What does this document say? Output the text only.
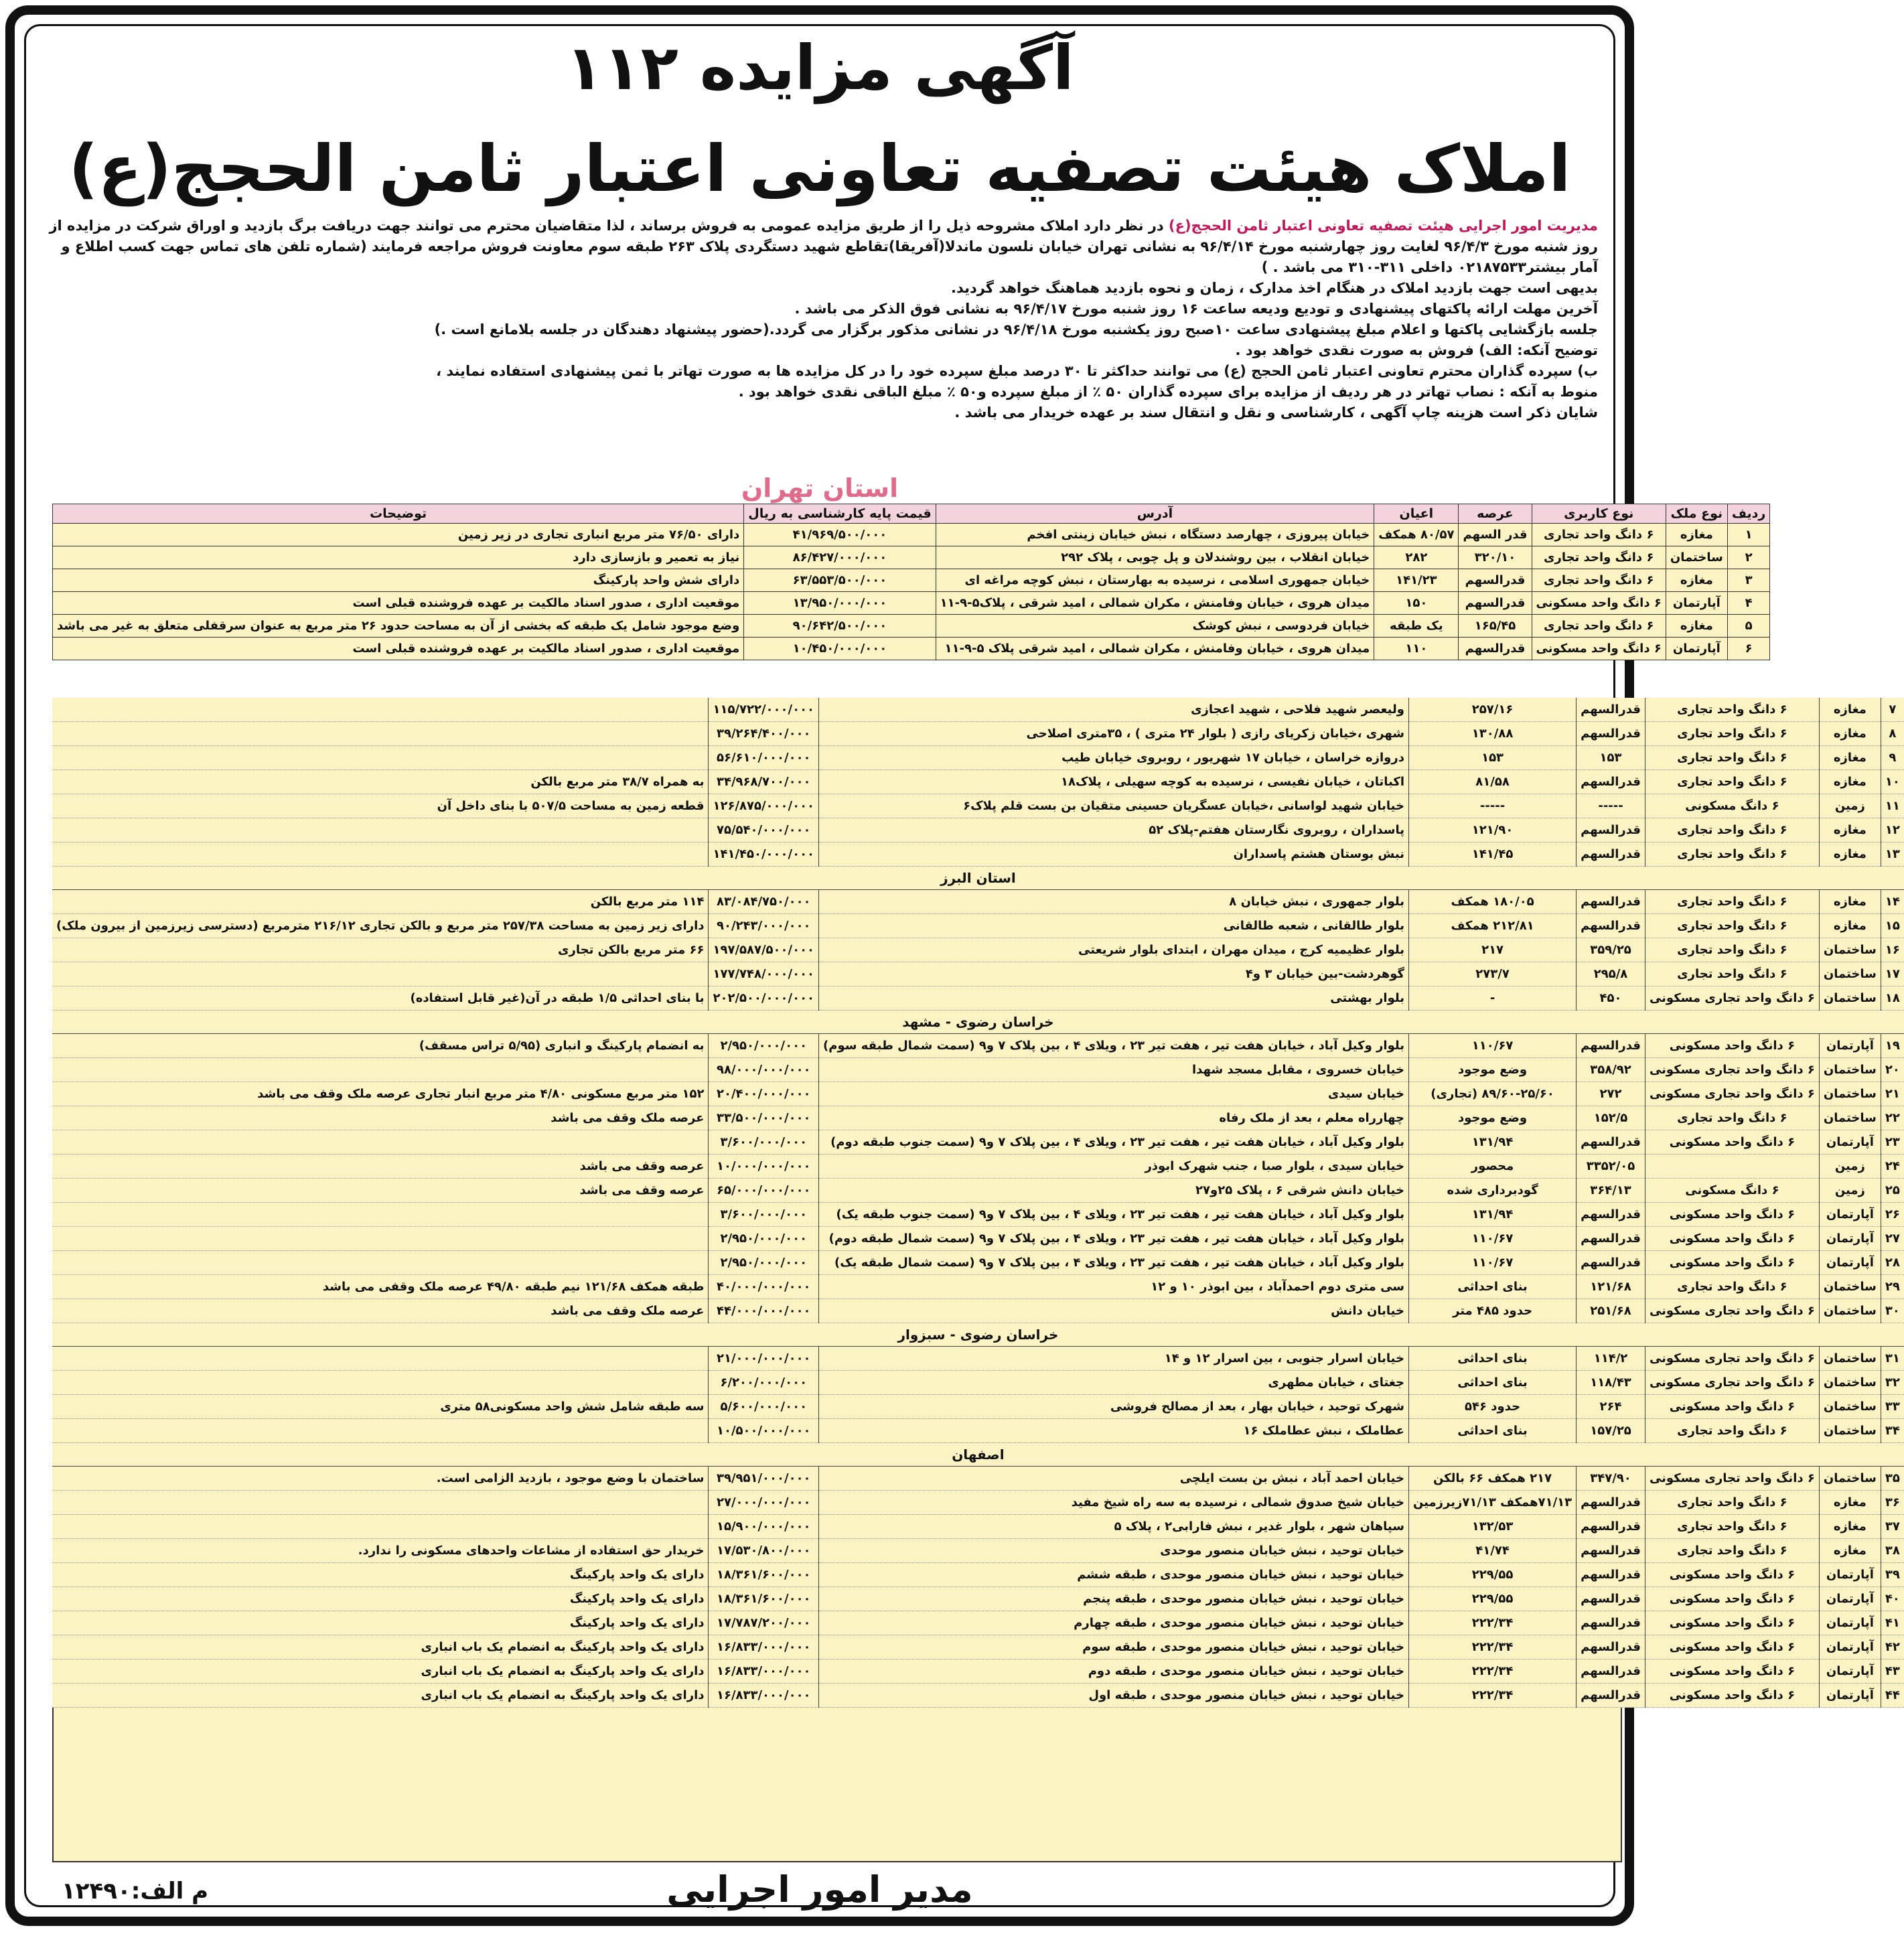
آگهی مزایده ۱۱۲
املاک هیئت تصفیه تعاونی اعتبار ثامن الحجج(ع)

مدیریت امور اجرایی هیئت تصفیه تعاونی اعتبار ثامن الحجج(ع) در نظر دارد املاک مشروحه ذیل را از طریق مزایده عمومی به فروش برساند ، لذا متقاضیان محترم می توانند جهت دریافت برگ بازدید و اوراق شرکت در مزایده از روز شنبه مورخ ۹۶/۴/۳ لغایت روز چهارشنبه مورخ ۹۶/۴/۱۴ به نشانی تهران خیابان نلسون ماندلا(آفریقا)تقاطع شهید دستگردی پلاک ۲۶۳ طبقه سوم معاونت فروش مراجعه فرمایند (شماره تلفن های تماس جهت کسب اطلاع و آمار بیشتر۰۲۱۸۷۵۳۳ داخلی ۳۱۱-۳۱۰ می باشد . )

بدیهی است جهت بازدید املاک در هنگام اخذ مدارک ، زمان و نحوه بازدید هماهنگ خواهد گردید.

آخرین مهلت ارائه پاکتهای پیشنهادی و تودیع ودیعه ساعت ۱۶ روز شنبه مورخ ۹۶/۴/۱۷ به نشانی فوق الذکر می باشد .

جلسه بازگشایی پاکتها و اعلام مبلغ پیشنهادی ساعت ۱۰صبح روز یکشنبه مورخ ۹۶/۴/۱۸ در نشانی مذکور برگزار می گردد.(حضور پیشنهاد دهندگان در جلسه بلامانع است .)

توضیح آنکه: الف) فروش به صورت نقدی خواهد بود .

ب) سپرده گذاران محترم تعاونی اعتبار ثامن الحجج (ع) می توانند حداکثر تا ۳۰ درصد مبلغ سپرده خود را در کل مزایده ها به صورت تهاتر با ثمن پیشنهادی استفاده نمایند ،

منوط به آنکه : نصاب تهاتر در هر ردیف از مزایده برای سپرده گذاران ۵۰ ٪ از مبلغ سپرده و۵۰ ٪ مبلغ الباقی نقدی خواهد بود .

شایان ذکر است هزینه چاپ آگهی ، کارشناسی و نقل و انتقال سند بر عهده خریدار می باشد .

استان تهران
ردیف	نوع ملک	نوع کاربری	عرصه	اعیان	آدرس	قیمت پایه کارشناسی به ریال	توضیحات
۱	مغازه	۶ دانگ واحد تجاری	قدر السهم	۸۰/۵۷ همکف	خیابان پیروزی ، چهارصد دستگاه ، نبش خیابان زینتی افخم	۴۱/۹۶۹/۵۰۰/۰۰۰	دارای ۷۶/۵۰ متر مربع انباری تجاری در زیر زمین
۲	ساختمان	۶ دانگ واحد تجاری	۳۲۰/۱۰	۲۸۲	خیابان انقلاب ، بین روشندلان و پل چوبی ، پلاک ۲۹۲	۸۶/۴۲۷/۰۰۰/۰۰۰	نیاز به تعمیر و بازسازی دارد
۳	مغازه	۶ دانگ واحد تجاری	قدرالسهم	۱۴۱/۲۳	خیابان جمهوری اسلامی ، نرسیده به بهارستان ، نبش کوچه مراغه ای	۶۳/۵۵۳/۵۰۰/۰۰۰	دارای شش واحد پارکینگ
۴	آپارتمان	۶ دانگ واحد مسکونی	قدرالسهم	۱۵۰	میدان هروی ، خیابان وفامنش ، مکران شمالی ، امید شرقی ، پلاک۵-۹-۱۱	۱۳/۹۵۰/۰۰۰/۰۰۰	موقعیت اداری ، صدور اسناد مالکیت بر عهده فروشنده قبلی است
۵	مغازه	۶ دانگ واحد تجاری	۱۶۵/۴۵	یک طبقه	خیابان فردوسی ، نبش کوشک	۹۰/۶۴۲/۵۰۰/۰۰۰	وضع موجود شامل یک طبقه که بخشی از آن به مساحت حدود ۲۶ متر مربع به عنوان سرقفلی متعلق به غیر می باشد
۶	آپارتمان	۶ دانگ واحد مسکونی	قدرالسهم	۱۱۰	میدان هروی ، خیابان وفامنش ، مکران شمالی ، امید شرقی پلاک ۵-۹-۱۱	۱۰/۴۵۰/۰۰۰/۰۰۰	موقعیت اداری ، صدور اسناد مالکیت بر عهده فروشنده قبلی است
۷	مغازه	۶ دانگ واحد تجاری	قدرالسهم	۲۵۷/۱۶	ولیعصر شهید فلاحی ، شهید اعجازی	۱۱۵/۷۲۲/۰۰۰/۰۰۰	
۸	مغازه	۶ دانگ واحد تجاری	قدرالسهم	۱۳۰/۸۸	شهری ،خیابان زکریای رازی ( بلوار ۲۴ متری ) ، ۳۵متری اصلاحی	۳۹/۲۶۴/۴۰۰/۰۰۰	
۹	مغازه	۶ دانگ واحد تجاری	۱۵۳	۱۵۳	دروازه خراسان ، خیابان ۱۷ شهریور ، روبروی خیابان طیب	۵۶/۶۱۰/۰۰۰/۰۰۰	
۱۰	مغازه	۶ دانگ واحد تجاری	قدرالسهم	۸۱/۵۸	اکباتان ، خیابان نفیسی ، نرسیده به کوچه سهیلی ، پلاک۱۸	۳۴/۹۶۸/۷۰۰/۰۰۰	به همراه ۳۸/۷ متر مربع بالکن
۱۱	زمین	۶ دانگ مسکونی	-----	-----	خیابان شهید لواسانی ،خیابان عسگریان حسینی متقیان بن بست قلم پلاک۶	۱۲۶/۸۷۵/۰۰۰/۰۰۰	قطعه زمین به مساحت ۵۰۷/۵ با بنای داخل آن
۱۲	مغازه	۶ دانگ واحد تجاری	قدرالسهم	۱۲۱/۹۰	پاسداران ، روبروی نگارستان هفتم-پلاک ۵۲	۷۵/۵۴۰/۰۰۰/۰۰۰	
۱۳	مغازه	۶ دانگ واحد تجاری	قدرالسهم	۱۴۱/۴۵	نبش بوستان هشتم پاسداران	۱۴۱/۴۵۰/۰۰۰/۰۰۰	
استان البرز							
۱۴	مغازه	۶ دانگ واحد تجاری	قدرالسهم	۱۸۰/۰۵ همکف	بلوار جمهوری ، نبش خیابان ۸	۸۳/۰۸۴/۷۵۰/۰۰۰	۱۱۴ متر مربع بالکن
۱۵	مغازه	۶ دانگ واحد تجاری	قدرالسهم	۲۱۲/۸۱ همکف	بلوار طالقانی ، شعبه طالقانی	۹۰/۲۴۳/۰۰۰/۰۰۰	دارای زیر زمین به مساحت ۲۵۷/۳۸ متر مربع و بالکن تجاری ۲۱۶/۱۲ مترمربع (دسترسی زیرزمین از بیرون ملک)
۱۶	ساختمان	۶ دانگ واحد تجاری	۳۵۹/۲۵	۲۱۷	بلوار عظیمیه کرج ، میدان مهران ، ابتدای بلوار شریعتی	۱۹۷/۵۸۷/۵۰۰/۰۰۰	۶۶ متر مربع بالکن تجاری
۱۷	ساختمان	۶ دانگ واحد تجاری	۲۹۵/۸	۲۷۳/۷	گوهردشت-بین خیابان ۳ و۴	۱۷۷/۷۴۸/۰۰۰/۰۰۰	
۱۸	ساختمان	۶ دانگ واحد تجاری مسکونی	۴۵۰	-	بلوار بهشتی	۲۰۲/۵۰۰/۰۰۰/۰۰۰	با بنای احداثی ۱/۵ طبقه در آن(غیر قابل استفاده)
خراسان رضوی - مشهد							
۱۹	آپارتمان	۶ دانگ واحد مسکونی	قدرالسهم	۱۱۰/۶۷	بلوار وکیل آباد ، خیابان هفت تیر ، هفت تیر ۲۳ ، ویلای ۴ ، بین پلاک ۷ و۹ (سمت شمال طبقه سوم)	۲/۹۵۰/۰۰۰/۰۰۰	به انضمام پارکینگ و انباری (۵/۹۵ تراس مسقف)
۲۰	ساختمان	۶ دانگ واحد تجاری مسکونی	۳۵۸/۹۲	وضع موجود	خیابان خسروی ، مقابل مسجد شهدا	۹۸/۰۰۰/۰۰۰/۰۰۰	
۲۱	ساختمان	۶ دانگ واحد تجاری مسکونی	۲۷۲	۸۹/۶۰-۲۵/۶۰ (تجاری)	خیابان سیدی	۲۰/۴۰۰/۰۰۰/۰۰۰	۱۵۲ متر مربع مسکونی ۴/۸۰ متر مربع انبار تجاری عرصه ملک وقف می باشد
۲۲	ساختمان	۶ دانگ واحد تجاری	۱۵۲/۵	وضع موجود	چهارراه معلم ، بعد از ملک رفاه	۳۳/۵۰۰/۰۰۰/۰۰۰	عرصه ملک وقف می باشد
۲۳	آپارتمان	۶ دانگ واحد مسکونی	قدرالسهم	۱۳۱/۹۴	بلوار وکیل آباد ، خیابان هفت تیر ، هفت تیر ۲۳ ، ویلای ۴ ، بین پلاک ۷ و۹ (سمت جنوب طبقه دوم)	۳/۶۰۰/۰۰۰/۰۰۰	
۲۴	زمین		۳۳۵۲/۰۵	محصور	خیابان سیدی ، بلوار صبا ، جنب شهرک ابوذر	۱۰/۰۰۰/۰۰۰/۰۰۰	عرصه وقف می باشد
۲۵	زمین	۶ دانگ مسکونی	۳۶۴/۱۳	گودبرداری شده	خیابان دانش شرقی ۶ ، پلاک ۲۵و۲۷	۶۵/۰۰۰/۰۰۰/۰۰۰	عرصه وقف می باشد
۲۶	آپارتمان	۶ دانگ واحد مسکونی	قدرالسهم	۱۳۱/۹۴	بلوار وکیل آباد ، خیابان هفت تیر ، هفت تیر ۲۳ ، ویلای ۴ ، بین پلاک ۷ و۹ (سمت جنوب طبقه یک)	۳/۶۰۰/۰۰۰/۰۰۰	
۲۷	آپارتمان	۶ دانگ واحد مسکونی	قدرالسهم	۱۱۰/۶۷	بلوار وکیل آباد ، خیابان هفت تیر ، هفت تیر ۲۳ ، ویلای ۴ ، بین پلاک ۷ و۹ (سمت شمال طبقه دوم)	۲/۹۵۰/۰۰۰/۰۰۰	
۲۸	آپارتمان	۶ دانگ واحد مسکونی	قدرالسهم	۱۱۰/۶۷	بلوار وکیل آباد ، خیابان هفت تیر ، هفت تیر ۲۳ ، ویلای ۴ ، بین پلاک ۷ و۹ (سمت شمال طبقه یک)	۲/۹۵۰/۰۰۰/۰۰۰	
۲۹	ساختمان	۶ دانگ واحد تجاری	۱۲۱/۶۸	بنای احداثی	سی متری دوم احمدآباد ، بین ابوذر ۱۰ و ۱۲	۴۰/۰۰۰/۰۰۰/۰۰۰	طبقه همکف ۱۲۱/۶۸ نیم طبقه ۴۹/۸۰ عرصه ملک وقفی می باشد
۳۰	ساختمان	۶ دانگ واحد تجاری مسکونی	۲۵۱/۶۸	حدود ۴۸۵ متر	خیابان دانش	۴۴/۰۰۰/۰۰۰/۰۰۰	عرصه ملک وقف می باشد
خراسان رضوی - سبزوار							
۳۱	ساختمان	۶ دانگ واحد تجاری مسکونی	۱۱۴/۲	بنای احداثی	خیابان اسرار جنوبی ، بین اسرار ۱۲ و ۱۴	۲۱/۰۰۰/۰۰۰/۰۰۰	
۳۲	ساختمان	۶ دانگ واحد تجاری مسکونی	۱۱۸/۴۳	بنای احداثی	جغتای ، خیابان مطهری	۶/۲۰۰/۰۰۰/۰۰۰	
۳۳	ساختمان	۶ دانگ واحد مسکونی	۲۶۴	حدود ۵۴۶	شهرک توحید ، خیابان بهار ، بعد از مصالح فروشی	۵/۶۰۰/۰۰۰/۰۰۰	سه طبقه شامل شش واحد مسکونی۵۸ متری
۳۴	ساختمان	۶ دانگ واحد تجاری	۱۵۷/۲۵	بنای احداثی	عطاملک ، نبش عطاملک ۱۶	۱۰/۵۰۰/۰۰۰/۰۰۰	
اصفهان							
۳۵	ساختمان	۶ دانگ واحد تجاری مسکونی	۳۴۷/۹۰	۲۱۷ همکف ۶۶ بالکن	خیابان احمد آباد ، نبش بن بست ایلچی	۳۹/۹۵۱/۰۰۰/۰۰۰	ساختمان با وضع موجود ، بازدید الزامی است.
۳۶	مغازه	۶ دانگ واحد تجاری	قدرالسهم	۷۱/۱۳همکف ۷۱/۱۳زیرزمین	خیابان شیخ صدوق شمالی ، نرسیده به سه راه شیخ مفید	۲۷/۰۰۰/۰۰۰/۰۰۰	
۳۷	مغازه	۶ دانگ واحد تجاری	قدرالسهم	۱۳۲/۵۳	سپاهان شهر ، بلوار غدیر ، نبش فارابی۲ ، پلاک ۵	۱۵/۹۰۰/۰۰۰/۰۰۰	
۳۸	مغازه	۶ دانگ واحد تجاری	قدرالسهم	۴۱/۷۴	خیابان توحید ، نبش خیابان منصور موحدی	۱۷/۵۳۰/۸۰۰/۰۰۰	خریدار حق استفاده از مشاعات واحدهای مسکونی را ندارد.
۳۹	آپارتمان	۶ دانگ واحد مسکونی	قدرالسهم	۲۲۹/۵۵	خیابان توحید ، نبش خیابان منصور موحدی ، طبقه ششم	۱۸/۳۶۱/۶۰۰/۰۰۰	دارای یک واحد پارکینگ
۴۰	آپارتمان	۶ دانگ واحد مسکونی	قدرالسهم	۲۲۹/۵۵	خیابان توحید ، نبش خیابان منصور موحدی ، طبقه پنجم	۱۸/۳۶۱/۶۰۰/۰۰۰	دارای یک واحد پارکینگ
۴۱	آپارتمان	۶ دانگ واحد مسکونی	قدرالسهم	۲۲۲/۳۴	خیابان توحید ، نبش خیابان منصور موحدی ، طبقه چهارم	۱۷/۷۸۷/۲۰۰/۰۰۰	دارای یک واحد پارکینگ
۴۲	آپارتمان	۶ دانگ واحد مسکونی	قدرالسهم	۲۲۲/۳۴	خیابان توحید ، نبش خیابان منصور موحدی ، طبقه سوم	۱۶/۸۳۳/۰۰۰/۰۰۰	دارای یک واحد پارکینگ به انضمام یک باب انباری
۴۳	آپارتمان	۶ دانگ واحد مسکونی	قدرالسهم	۲۲۲/۳۴	خیابان توحید ، نبش خیابان منصور موحدی ، طبقه دوم	۱۶/۸۳۳/۰۰۰/۰۰۰	دارای یک واحد پارکینگ به انضمام یک باب انباری
۴۴	آپارتمان	۶ دانگ واحد مسکونی	قدرالسهم	۲۲۲/۳۴	خیابان توحید ، نبش خیابان منصور موحدی ، طبقه اول	۱۶/۸۳۳/۰۰۰/۰۰۰	دارای یک واحد پارکینگ به انضمام یک باب انباری
مدیر امور اجرایی
م الف:۱۲۴۹۰
